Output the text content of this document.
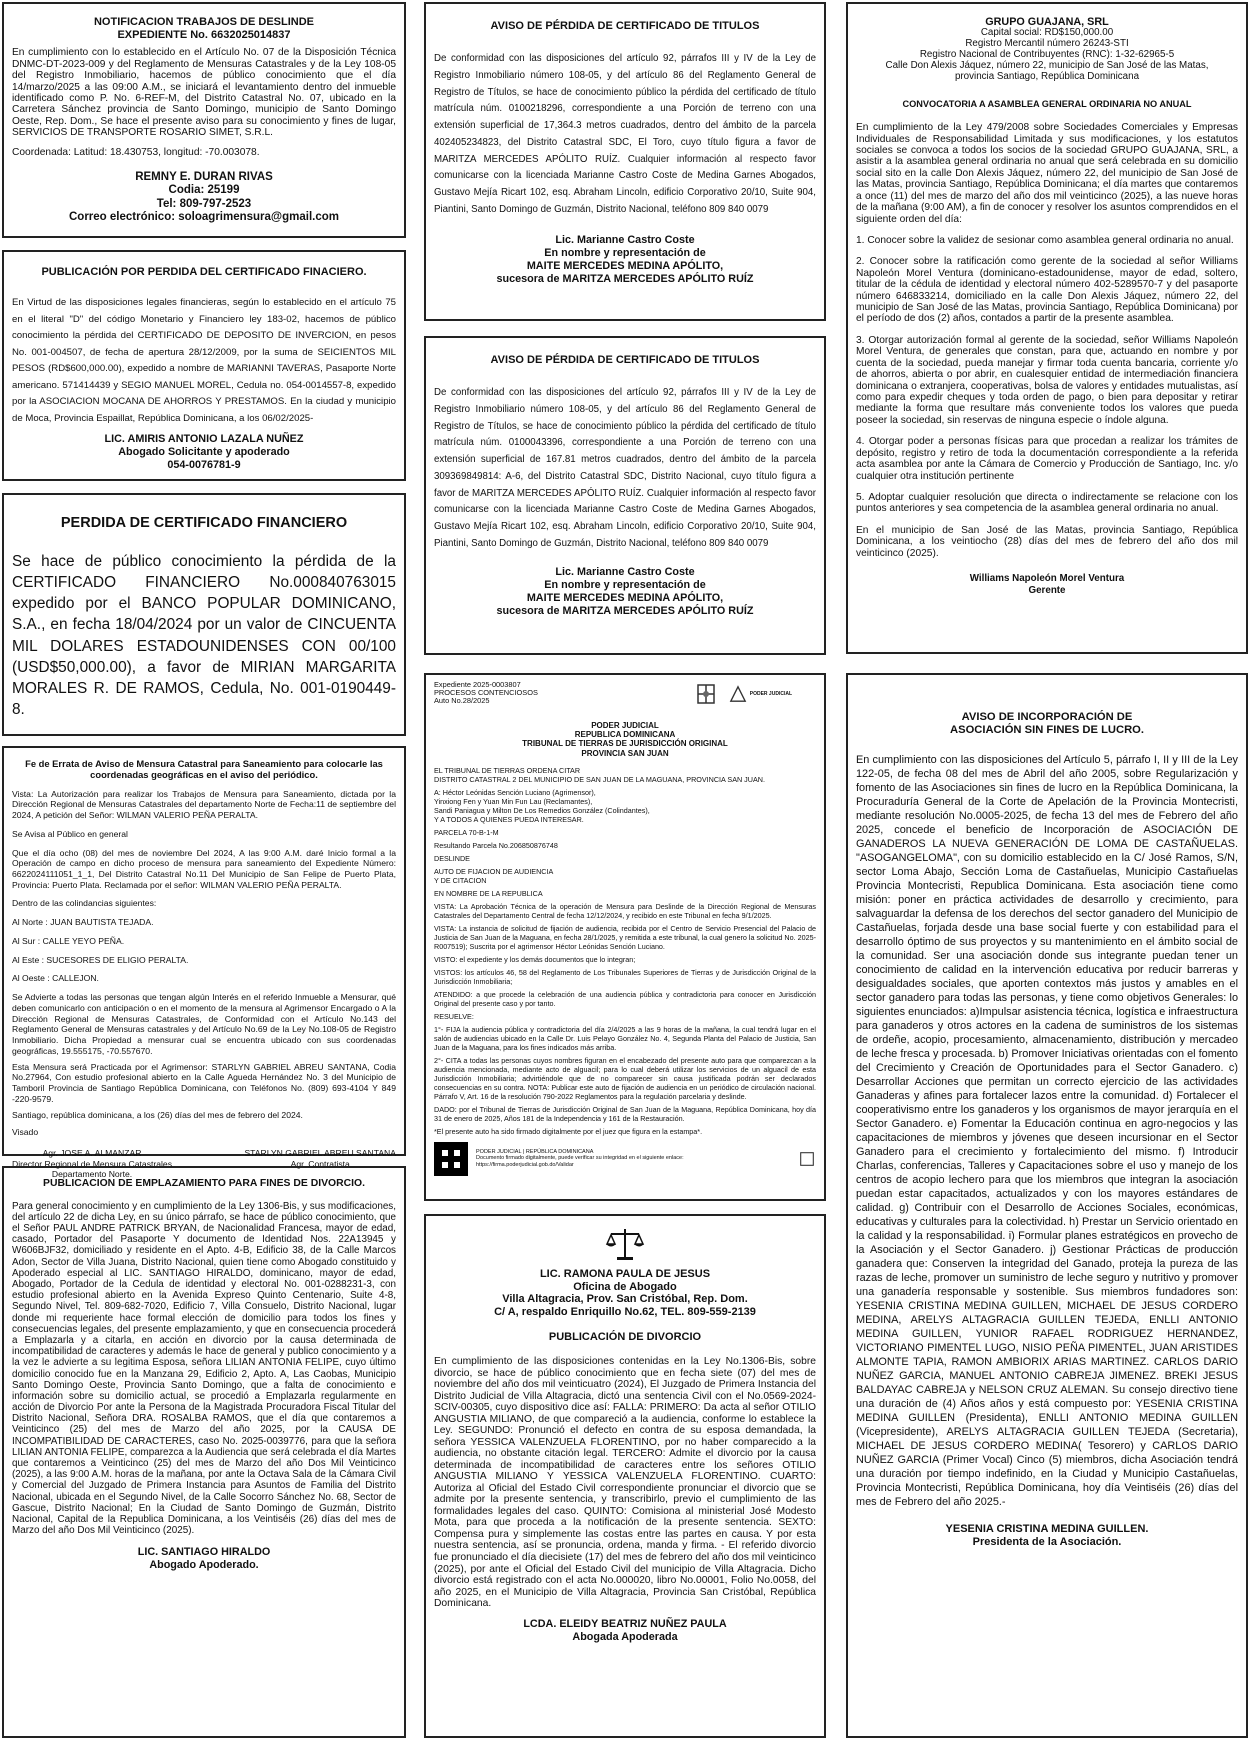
NOTIFICACION TRABAJOS DE DESLINDE
EXPEDIENTE No. 6632025014837

En cumplimiento con lo establecido en el Artículo No. 07 de la Disposición Técnica DNMC-DT-2023-009 y del Reglamento de Mensuras Catastrales y de la Ley 108-05 del Registro Inmobiliario, hacemos de público conocimiento que el día 14/marzo/2025 a las 09:00 A.M., se iniciará el levantamiento dentro del inmueble identificado como P. No. 6-REF-M, del Distrito Catastral No. 07, ubicado en la Carretera Sánchez provincia de Santo Domingo, municipio de Santo Domingo Oeste, Rep. Dom., Se hace el presente aviso para su conocimiento y fines de lugar, SERVICIOS DE TRANSPORTE ROSARIO SIMET, S.R.L.

Coordenada: Latitud: 18.430753, longitud: -70.003078.

REMNY E. DURAN RIVAS
Codia: 25199
Tel: 809-797-2523
Correo electrónico: soloagrimensura@gmail.com
PUBLICACIÓN POR PERDIDA DEL CERTIFICADO FINACIERO.

En Virtud de las disposiciones legales financieras, según lo establecido en el artículo 75 en el literal "D" del código Monetario y Financiero ley 183-02, hacemos de público conocimiento la pérdida del CERTIFICADO DE DEPOSITO DE INVERCION, en pesos No. 001-004507, de fecha de apertura 28/12/2009, por la suma de SEICIENTOS MIL PESOS (RD$600,000.00), expedido a nombre de MARIANNI TAVERAS, Pasaporte Norte americano. 571414439 y SEGIO MANUEL MOREL, Cedula no. 054-0014557-8, expedido por la ASOCIACION MOCANA DE AHORROS Y PRESTAMOS. En la ciudad y municipio de Moca, Provincia Espaillat, República Dominicana, a los 06/02/2025-

LIC. AMIRIS ANTONIO LAZALA NUÑEZ
Abogado Solicitante y apoderado
054-0076781-9
PERDIDA DE CERTIFICADO FINANCIERO

Se hace de público conocimiento la pérdida de la CERTIFICADO FINANCIERO No.000840763015 expedido por el BANCO POPULAR DOMINICANO, S.A., en fecha 18/04/2024 por un valor de CINCUENTA MIL DOLARES ESTADOUNIDENSES CON 00/100 (USD$50,000.00), a favor de MIRIAN MARGARITA MORALES R. DE RAMOS, Cedula, No. 001-0190449-8.

Fe de Errata de Aviso de Mensura Catastral para Saneamiento para colocarle las coordenadas geográficas en el aviso del periódico.

Vista: La Autorización para realizar los Trabajos de Mensura para Saneamiento, dictada por la Dirección Regional de Mensuras Catastrales del departamento Norte de Fecha:11 de septiembre del 2024, A petición del Señor: WILMAN VALERIO PEÑA PERALTA.

Se Avisa al Público en general

Que el día ocho (08) del mes de noviembre Del 2024, A las 9:00 A.M. daré Inicio formal a la Operación de campo en dicho proceso de mensura para saneamiento del Expediente Número: 6622024111051_1_1, Del Distrito Catastral No.11 Del Municipio de San Felipe de Puerto Plata, Provincia: Puerto Plata. Reclamada por el señor: WILMAN VALERIO PEÑA PERALTA.

Dentro de las colindancias siguientes:

Al Norte : JUAN BAUTISTA TEJADA.

Al Sur : CALLE YEYO PEÑA.

Al Este : SUCESORES DE ELIGIO PERALTA.

Al Oeste : CALLEJON.

Se Advierte a todas las personas que tengan algún Interés en el referido Inmueble a Mensurar, qué deben comunicarlo con anticipación o en el momento de la mensura al Agrimensor Encargado o A la Dirección Regional de Mensuras Catastrales, de Conformidad con el Artículo No.143 del Reglamento General de Mensuras catastrales y del Artículo No.69 de la Ley No.108-05 de Registro Inmobiliario. Dicha Propiedad a mensurar cual se encuentra ubicado con sus coordenadas geográficas, 19.555175, -70.557670.

Esta Mensura será Practicada por el Agrimensor: STARLYN GABRIEL ABREU SANTANA, Codia No.27964, Con estudio profesional abierto en la Calle Agueda Hernández No. 3 del Municipio de Tamboril Provincia de Santiago República Dominicana, con Teléfonos No. (809) 693-4104 Y 849 -220-9579.

Santiago, república dominicana, a los (26) días del mes de febrero del 2024.

Visado

Agr. JOSE A. ALMANZAR
Director Regional de Mensura Catastrales
Departamento Norte.
STARLYN GABRIEL ABREU SANTANA
Agr. Contratista
PUBLICACION DE EMPLAZAMIENTO PARA FINES DE DIVORCIO.

Para general conocimiento y en cumplimiento de la Ley 1306-Bis, y sus modificaciones, del artículo 22 de dicha Ley, en su único párrafo, se hace de público conocimiento, que el Señor PAUL ANDRE PATRICK BRYAN, de Nacionalidad Francesa, mayor de edad, casado, Portador del Pasaporte Y documento de Identidad Nos. 22A13945 y W606BJF32, domiciliado y residente en el Apto. 4-B, Edificio 38, de la Calle Marcos Adon, Sector de Villa Juana, Distrito Nacional, quien tiene como Abogado constituido y Apoderado especial al LIC. SANTIAGO HIRALDO, dominicano, mayor de edad, Abogado, Portador de la Cedula de identidad y electoral No. 001-0288231-3, con estudio profesional abierto en la Avenida Expreso Quinto Centenario, Suite 4-8, Segundo Nivel, Tel. 809-682-7020, Edificio 7, Villa Consuelo, Distrito Nacional, lugar donde mi requeriente hace formal elección de domicilio para todos los fines y consecuencias legales, del presente emplazamiento, y que en consecuencia procederá a Emplazarla y a citarla, en acción en divorcio por la causa determinada de incompatibilidad de caracteres y además le hace de general y publico conocimiento y a la vez le advierte a su legitima Esposa, señora LILIAN ANTONIA FELIPE, cuyo último domicilio conocido fue en la Manzana 29, Edificio 2, Apto. A, Las Caobas, Municipio Santo Domingo Oeste, Provincia Santo Domingo, que a falta de conocimiento e información sobre su domicilio actual, se procedió a Emplazarla regularmente en acción de Divorcio Por ante la Persona de la Magistrada Procuradora Fiscal Titular del Distrito Nacional, Señora DRA. ROSALBA RAMOS, que el día que contaremos a Veinticinco (25) del mes de Marzo del año 2025, por la CAUSA DE INCOMPATIBILIDAD DE CARACTERES, caso No. 2025-0039776, para que la señora LILIAN ANTONIA FELIPE, comparezca a la Audiencia que será celebrada el día Martes que contaremos a Veinticinco (25) del mes de Marzo del año Dos Mil Veinticinco (2025), a las 9:00 A.M. horas de la mañana, por ante la Octava Sala de la Cámara Civil y Comercial del Juzgado de Primera Instancia para Asuntos de Familia del Distrito Nacional, ubicada en el Segundo Nivel, de la Calle Socorro Sánchez No. 68, Sector de Gascue, Distrito Nacional; En la Ciudad de Santo Domingo de Guzmán, Distrito Nacional, Capital de la Republica Dominicana, a los Veintiséis (26) días del mes de Marzo del año Dos Mil Veinticinco (2025).

LIC. SANTIAGO HIRALDO
Abogado Apoderado.
AVISO DE PÉRDIDA DE CERTIFICADO DE TITULOS

De conformidad con las disposiciones del artículo 92, párrafos III y IV de la Ley de Registro Inmobiliario número 108-05, y del artículo 86 del Reglamento General de Registro de Títulos, se hace de conocimiento público la pérdida del certificado de título matrícula núm. 0100218296, correspondiente a una Porción de terreno con una extensión superficial de 17,364.3 metros cuadrados, dentro del ámbito de la parcela 402405234823, del Distrito Catastral SDC, El Toro, cuyo título figura a favor de MARITZA MERCEDES APÓLITO RUÍZ. Cualquier información al respecto favor comunicarse con la licenciada Marianne Castro Coste de Medina Garnes Abogados, Gustavo Mejía Ricart 102, esq. Abraham Lincoln, edificio Corporativo 20/10, Suite 904, Piantini, Santo Domingo de Guzmán, Distrito Nacional, teléfono 809 840 0079

Lic. Marianne Castro Coste
En nombre y representación de
MAITE MERCEDES MEDINA APÓLITO,
sucesora de MARITZA MERCEDES APÓLITO RUÍZ
AVISO DE PÉRDIDA DE CERTIFICADO DE TITULOS

De conformidad con las disposiciones del artículo 92, párrafos III y IV de la Ley de Registro Inmobiliario número 108-05, y del artículo 86 del Reglamento General de Registro de Títulos, se hace de conocimiento público la pérdida del certificado de título matrícula núm. 0100043396, correspondiente a una Porción de terreno con una extensión superficial de 167.81 metros cuadrados, dentro del ámbito de la parcela 309369849814: A-6, del Distrito Catastral SDC, Distrito Nacional, cuyo título figura a favor de MARITZA MERCEDES APÓLITO RUÍZ. Cualquier información al respecto favor comunicarse con la licenciada Marianne Castro Coste de Medina Garnes Abogados, Gustavo Mejía Ricart 102, esq. Abraham Lincoln, edificio Corporativo 20/10, Suite 904, Piantini, Santo Domingo de Guzmán, Distrito Nacional, teléfono 809 840 0079

Lic. Marianne Castro Coste
En nombre y representación de
MAITE MERCEDES MEDINA APÓLITO,
sucesora de MARITZA MERCEDES APÓLITO RUÍZ
Expediente 2025-0003807
PROCESOS CONTENCIOSOS
Auto No.28/2025
PODER JUDICIAL
PODER JUDICIAL
REPUBLICA DOMINICANA
TRIBUNAL DE TIERRAS DE JURISDICCIÓN ORIGINAL
PROVINCIA SAN JUAN

EL TRIBUNAL DE TIERRAS ORDENA CITAR
DISTRITO CATASTRAL 2 DEL MUNICIPIO DE SAN JUAN DE LA MAGUANA, PROVINCIA SAN JUAN.

A: Héctor Leónidas Sención Luciano (Agrimensor),
Yinxiong Fen y Yuan Min Fun Lau (Reclamantes),
Sandi Paniagua y Milton De Los Remedios González (Colindantes),
Y A TODOS A QUIENES PUEDA INTERESAR.

PARCELA 70-B-1-M

Resultando Parcela No.206850876748

DESLINDE

AUTO DE FIJACION DE AUDIENCIA
Y DE CITACION

EN NOMBRE DE LA REPUBLICA

VISTA: La Aprobación Técnica de la operación de Mensura para Deslinde de la Dirección Regional de Mensuras Catastrales del Departamento Central de fecha 12/12/2024, y recibido en este Tribunal en fecha 9/1/2025.

VISTA: La instancia de solicitud de fijación de audiencia, recibida por el Centro de Servicio Presencial del Palacio de Justicia de San Juan de la Maguana, en fecha 28/1/2025, y remitida a este tribunal, la cual genero la solicitud No. 2025-R007519); Suscrita por el agrimensor Héctor Leónidas Sención Luciano.

VISTO: el expediente y los demás documentos que lo integran;

VISTOS: los artículos 46, 58 del Reglamento de Los Tribunales Superiores de Tierras y de Jurisdicción Original de la Jurisdicción Inmobiliaria;

ATENDIDO: a que procede la celebración de una audiencia pública y contradictoria para conocer en Jurisdicción Original del presente caso y por tanto.

RESUELVE:

1°- FIJA la audiencia pública y contradictoria del día 2/4/2025 a las 9 horas de la mañana, la cual tendrá lugar en el salón de audiencias ubicado en la Calle Dr. Luis Pelayo González No. 4, Segunda Planta del Palacio de Justicia, San Juan de la Maguana, para los fines indicados más arriba.

2°- CITA a todas las personas cuyos nombres figuran en el encabezado del presente auto para que comparezcan a la audiencia mencionada, mediante acto de alguacil; para lo cual deberá utilizar los servicios de un alguacil de esta Jurisdicción Inmobiliaria; advirtiéndole que de no comparecer sin causa justificada podrán ser declarados consecuencias en su contra. NOTA: Publicar este auto de fijación de audiencia en un periódico de circulación nacional. Párrafo V, Art. 16 de la resolución 790-2022 Reglamentos para la regulación parcelaria y deslinde.

DADO: por el Tribunal de Tierras de Jurisdicción Original de San Juan de la Maguana, República Dominicana, hoy día 31 de enero de 2025, Años 181 de la Independencia y 161 de la Restauración.

*El presente auto ha sido firmado digitalmente por el juez que figura en la estampa*.

PODER JUDICIAL | REPÚBLICA DOMINICANA
Documento firmado digitalmente, puede verificar su integridad en el siguiente enlace:
https://firma.poderjudicial.gob.do/Validar
LIC. RAMONA PAULA DE JESUS
Oficina de Abogado
Villa Altagracia, Prov. San Cristóbal, Rep. Dom.
C/ A, respaldo Enriquillo No.62, TEL. 809-559-2139
PUBLICACIÓN DE DIVORCIO

En cumplimiento de las disposiciones contenidas en la Ley No.1306-Bis, sobre divorcio, se hace de público conocimiento que en fecha siete (07) del mes de noviembre del año dos mil veinticuatro (2024), El Juzgado de Primera Instancia del Distrito Judicial de Villa Altagracia, dictó una sentencia Civil con el No.0569-2024-SCIV-00305, cuyo dispositivo dice así: FALLA: PRIMERO: Da acta al señor OTILIO ANGUSTIA MILIANO, de que compareció a la audiencia, conforme lo establece la Ley. SEGUNDO: Pronunció el defecto en contra de su esposa demandada, la señora YESSICA VALENZUELA FLORENTINO, por no haber comparecido a la audiencia, no obstante citación legal. TERCERO: Admite el divorcio por la causa determinada de incompatibilidad de caracteres entre los señores OTILIO ANGUSTIA MILIANO Y YESSICA VALENZUELA FLORENTINO. CUARTO: Autoriza al Oficial del Estado Civil correspondiente pronunciar el divorcio que se admite por la presente sentencia, y transcribirlo, previo el cumplimiento de las formalidades legales del caso. QUINTO: Comisiona al ministerial José Modesto Mota, para que proceda a la notificación de la presente sentencia. SEXTO: Compensa pura y simplemente las costas entre las partes en causa. Y por esta nuestra sentencia, así se pronuncia, ordena, manda y firma. - El referido divorcio fue pronunciado el día diecisiete (17) del mes de febrero del año dos mil veinticinco (2025), por ante el Oficial del Estado Civil del municipio de Villa Altagracia. Dicho divorcio está registrado con el acta No.000020, libro No.00001, Folio No.0058, del año 2025, en el Municipio de Villa Altagracia, Provincia San Cristóbal, República Dominicana.

LCDA. ELEIDY BEATRIZ NUÑEZ PAULA
Abogada Apoderada
GRUPO GUAJANA, SRL
Capital social: RD$150,000.00
Registro Mercantil número 26243-STI
Registro Nacional de Contribuyentes (RNC): 1-32-62965-5
Calle Don Alexis Jáquez, número 22, municipio de San José de las Matas,
provincia Santiago, República Dominicana
CONVOCATORIA A ASAMBLEA GENERAL ORDINARIA NO ANUAL

En cumplimiento de la Ley 479/2008 sobre Sociedades Comerciales y Empresas Individuales de Responsabilidad Limitada y sus modificaciones, y los estatutos sociales se convoca a todos los socios de la sociedad GRUPO GUAJANA, SRL, a asistir a la asamblea general ordinaria no anual que será celebrada en su domicilio social sito en la calle Don Alexis Jáquez, número 22, del municipio de San José de las Matas, provincia Santiago, República Dominicana; el día martes que contaremos a once (11) del mes de marzo del año dos mil veinticinco (2025), a las nueve horas de la mañana (9:00 AM), a fin de conocer y resolver los asuntos comprendidos en el siguiente orden del día:

1. Conocer sobre la validez de sesionar como asamblea general ordinaria no anual.

2. Conocer sobre la ratificación como gerente de la sociedad al señor Williams Napoleón Morel Ventura (dominicano-estadounidense, mayor de edad, soltero, titular de la cédula de identidad y electoral número 402-5289570-7 y del pasaporte número 646833214, domiciliado en la calle Don Alexis Jáquez, número 22, del municipio de San José de las Matas, provincia Santiago, República Dominicana) por el período de dos (2) años, contados a partir de la presente asamblea.

3. Otorgar autorización formal al gerente de la sociedad, señor Williams Napoleón Morel Ventura, de generales que constan, para que, actuando en nombre y por cuenta de la sociedad, pueda manejar y firmar toda cuenta bancaria, corriente y/o de ahorros, abierta o por abrir, en cualesquier entidad de intermediación financiera dominicana o extranjera, cooperativas, bolsa de valores y entidades mutualistas, así como para expedir cheques y toda orden de pago, o bien para depositar y retirar mediante la forma que resultare más conveniente todos los valores que pueda poseer la sociedad, sin reservas de ninguna especie o índole alguna.

4. Otorgar poder a personas físicas para que procedan a realizar los trámites de depósito, registro y retiro de toda la documentación correspondiente a la referida acta asamblea por ante la Cámara de Comercio y Producción de Santiago, Inc. y/o cualquier otra institución pertinente

5. Adoptar cualquier resolución que directa o indirectamente se relacione con los puntos anteriores y sea competencia de la asamblea general ordinaria no anual.

En el municipio de San José de las Matas, provincia Santiago, República Dominicana, a los veintiocho (28) días del mes de febrero del año dos mil veinticinco (2025).

Williams Napoleón Morel Ventura
Gerente
AVISO DE INCORPORACIÓN DE
ASOCIACIÓN SIN FINES DE LUCRO.

En cumplimiento con las disposiciones del Artículo 5, párrafo I, II y III de la Ley 122-05, de fecha 08 del mes de Abril del año 2005, sobre Regularización y fomento de las Asociaciones sin fines de lucro en la República Dominicana, la Procuraduría General de la Corte de Apelación de la Provincia Montecristi, mediante resolución No.0005-2025, de fecha 13 del mes de Febrero del año 2025, concede el beneficio de Incorporación de ASOCIACIÓN DE GANADEROS LA NUEVA GENERACIÓN DE LOMA DE CASTAÑUELAS. "ASOGANGELOMA", con su domicilio establecido en la C/ José Ramos, S/N, sector Loma Abajo, Sección Loma de Castañuelas, Municipio Castañuelas Provincia Montecristi, Republica Dominicana. Esta asociación tiene como misión: poner en práctica actividades de desarrollo y crecimiento, para salvaguardar la defensa de los derechos del sector ganadero del Municipio de Castañuelas, forjada desde una base social fuerte y con estabilidad para el desarrollo óptimo de sus proyectos y su mantenimiento en el ámbito social de la comunidad. Ser una asociación donde sus integrante puedan tener un conocimiento de calidad en la intervención educativa por reducir barreras y desigualdades sociales, que aporten contextos más justos y amables en el sector ganadero para todas las personas, y tiene como objetivos Generales: lo siguientes enunciados: a)Impulsar asistencia técnica, logística e infraestructura para ganaderos y otros actores en la cadena de suministros de los sistemas de ordeñe, acopio, procesamiento, almacenamiento, distribución y mercadeo de leche fresca y procesada. b) Promover Iniciativas orientadas con el fomento del Crecimiento y Creación de Oportunidades para el Sector Ganadero. c) Desarrollar Acciones que permitan un correcto ejercicio de las actividades Ganaderas y afines para fortalecer lazos entre la comunidad. d) Fortalecer el cooperativismo entre los ganaderos y los organismos de mayor jerarquía en el Sector Ganadero. e) Fomentar la Educación continua en agro-negocios y las capacitaciones de miembros y jóvenes que deseen incursionar en el Sector Ganadero para el crecimiento y fortalecimiento del mismo. f) Introducir Charlas, conferencias, Talleres y Capacitaciones sobre el uso y manejo de los centros de acopio lechero para que los miembros que integran la asociación puedan estar capacitados, actualizados y con los mayores estándares de calidad. g) Contribuir con el Desarrollo de Acciones Sociales, económicas, educativas y culturales para la colectividad. h) Prestar un Servicio orientado en la calidad y la responsabilidad. i) Formular planes estratégicos en provecho de la Asociación y el Sector Ganadero. j) Gestionar Prácticas de producción ganadera que: Conserven la integridad del Ganado, proteja la pureza de las razas de leche, promover un suministro de leche seguro y nutritivo y promover una ganadería responsable y sostenible. Sus miembros fundadores son: YESENIA CRISTINA MEDINA GUILLEN, MICHAEL DE JESUS CORDERO MEDINA, ARELYS ALTAGRACIA GUILLEN TEJEDA, ENLLI ANTONIO MEDINA GUILLEN, YUNIOR RAFAEL RODRIGUEZ HERNANDEZ, VICTORIANO PIMENTEL LUGO, NISIO PEÑA PIMENTEL, JUAN ARISTIDES ALMONTE TAPIA, RAMON AMBIORIX ARIAS MARTINEZ. CARLOS DARIO NUÑEZ GARCIA, MANUEL ANTONIO CABREJA JIMENEZ. BREKI JESUS BALDAYAC CABREJA y NELSON CRUZ ALEMAN. Su consejo directivo tiene una duración de (4) Años años y está compuesto por: YESENIA CRISTINA MEDINA GUILLEN (Presidenta), ENLLI ANTONIO MEDINA GUILLEN (Vicepresidente), ARELYS ALTAGRACIA GUILLEN TEJEDA (Secretaria), MICHAEL DE JESUS CORDERO MEDINA( Tesorero) y CARLOS DARIO NUÑEZ GARCIA (Primer Vocal) Cinco (5) miembros, dicha Asociación tendrá una duración por tiempo indefinido, en la Ciudad y Municipio Castañuelas, Provincia Montecristi, República Dominicana, hoy día Veintiséis (26) días del mes de Febrero del año 2025.-

YESENIA CRISTINA MEDINA GUILLEN.
Presidenta de la Asociación.
